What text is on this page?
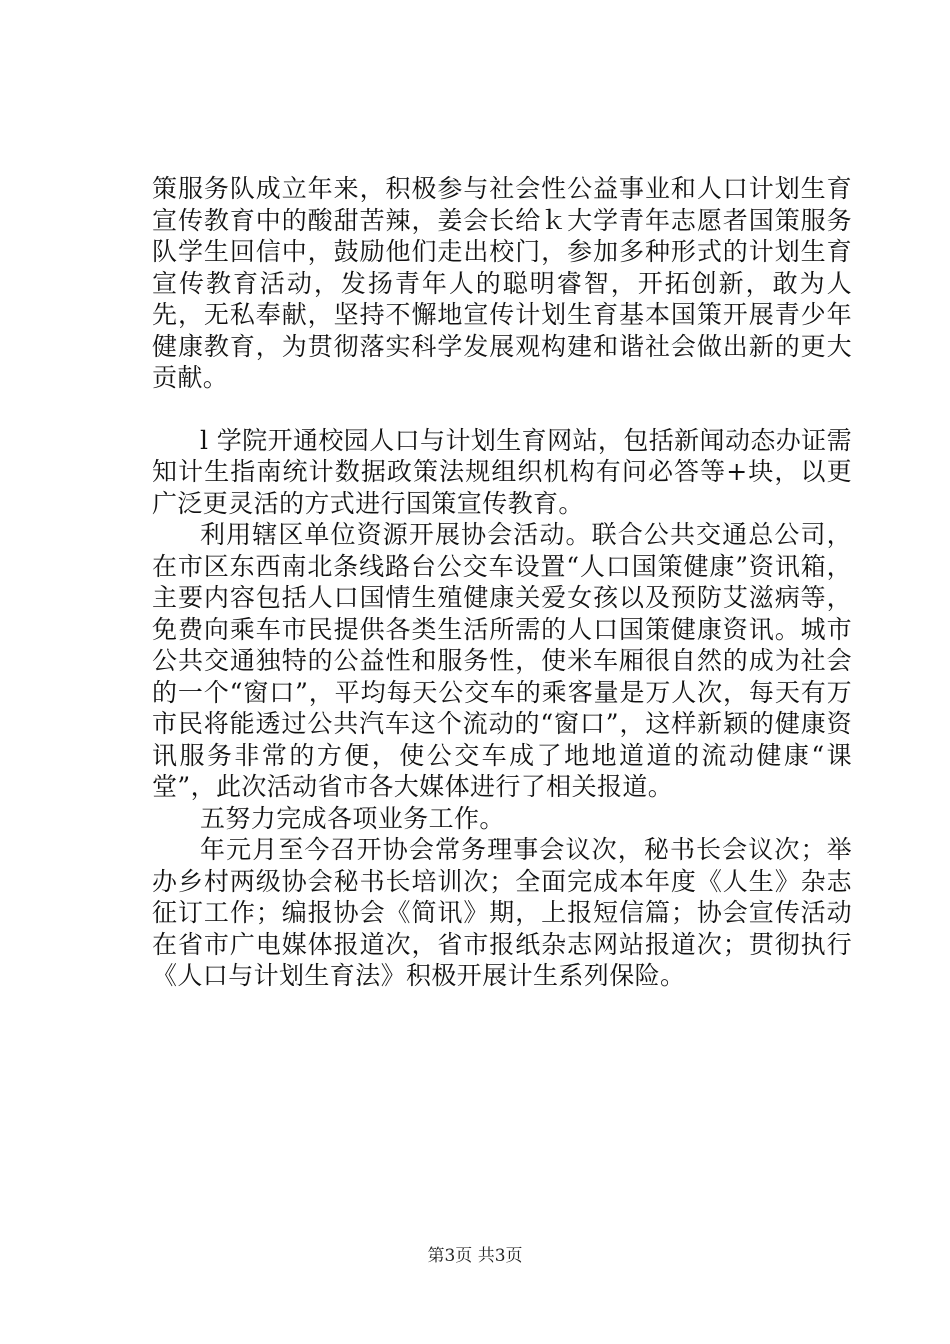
策服务队成立年来，积极参与社会性公益事业和人口计划生育宣传教育中的酸甜苦辣，姜会长给ｋ大学青年志愿者国策服务队学生回信中，鼓励他们走出校门，参加多种形式的计划生育宣传教育活动，发扬青年人的聪明睿智，开拓创新，敢为人先，无私奉献，坚持不懈地宣传计划生育基本国策开展青少年健康教育，为贯彻落实科学发展观构建和谐社会做出新的更大贡献。

l 学院开通校园人口与计划生育网站，包括新闻动态办证需知计生指南统计数据政策法规组织机构有问必答等+块，以更广泛更灵活的方式进行国策宣传教育。

利用辖区单位资源开展协会活动。联合公共交通总公司，在市区东西南北条线路台公交车设置“人口国策健康”资讯箱，主要内容包括人口国情生殖健康关爱女孩以及预防艾滋病等，免费向乘车市民提供各类生活所需的人口国策健康资讯。城市公共交通独特的公益性和服务性，使米车厢很自然的成为社会的一个“窗口”，平均每天公交车的乘客量是万人次，每天有万市民将能透过公共汽车这个流动的“窗口”，这样新颖的健康资讯服务非常的方便，使公交车成了地地道道的流动健康“课堂”，此次活动省市各大媒体进行了相关报道。

五努力完成各项业务工作。

年元月至今召开协会常务理事会议次，秘书长会议次；举办乡村两级协会秘书长培训次；全面完成本年度《人生》杂志征订工作；编报协会《简讯》期，上报短信篇；协会宣传活动在省市广电媒体报道次，省市报纸杂志网站报道次；贯彻执行《人口与计划生育法》积极开展计生系列保险。

第3页 共3页
